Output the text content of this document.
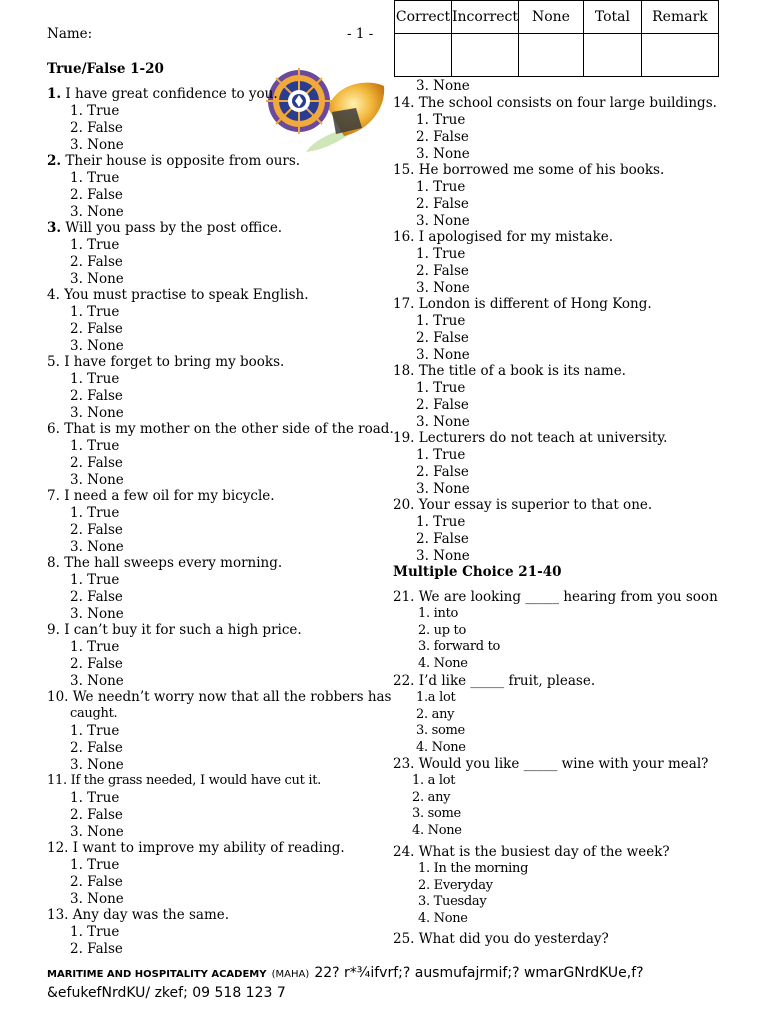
Name:	- 1 -
Correct	Incorrect	None	Total	Remark

True/False 1-20
1. I have great confidence to you.
1. True
2. False
3. None
2. Their house is opposite from ours.
1. True
2. False
3. None
3. Will you pass by the post office.
1. True
2. False
3. None
4. You must practise to speak English.
1. True
2. False
3. None
5. I have forget to bring my books.
1. True
2. False
3. None
6. That is my mother on the other side of the road.
1. True
2. False
3. None
7. I need a few oil for my bicycle.
1. True
2. False
3. None
8. The hall sweeps every morning.
1. True
2. False
3. None
9. I can’t buy it for such a high price.
1. True
2. False
3. None
10. We needn’t worry now that all the robbers has
caught.
1. True
2. False
3. None
11. If the grass needed, I would have cut it.
1. True
2. False
3. None
12. I want to improve my ability of reading.
1. True
2. False
3. None
13. Any day was the same.
1. True
2. False
3. None
14. The school consists on four large buildings.
1. True
2. False
3. None
15. He borrowed me some of his books.
1. True
2. False
3. None
16. I apologised for my mistake.
1. True
2. False
3. None
17. London is different of Hong Kong.
1. True
2. False
3. None
18. The title of a book is its name.
1. True
2. False
3. None
19. Lecturers do not teach at university.
1. True
2. False
3. None
20. Your essay is superior to that one.
1. True
2. False
3. None
Multiple Choice 21-40
21. We are looking _____ hearing from you soon
1. into
2. up to
3. forward to
4. None
22. I’d like _____ fruit, please.
1.a lot
2. any
3. some
4. None
23. Would you like _____ wine with your meal?
1. a lot
2. any
3. some
4. None
24. What is the busiest day of the week?
1. In the morning
2. Everyday
3. Tuesday
4. None
25. What did you do yesterday?
MARITIME AND HOSPITALITY ACADEMY (MAHA) 22? r*¾ifvrf;? ausmufajrmif;? wmarGNrdKUe,f?
&efukefNrdKU/ zkef; 09 518 123 7
